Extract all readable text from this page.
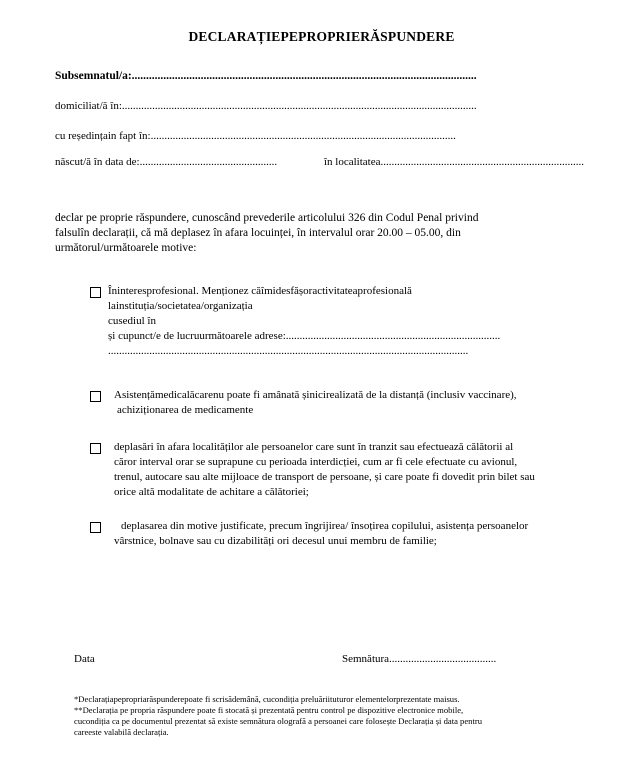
DECLARAȚIEPEPROPRIERĂSPUNDERE
Subsemnatul/a:........................................................................................................................
domiciliat/ă în:.................................................................................................................................
cu reședințain fapt în:...............................................................................................................
născut/ă în data de:..................................................	în localitatea..........................................................................
declar pe proprie răspundere, cunoscând prevederile articolului 326 din Codul Penal privind
falsulîn declarații, că mă deplasez în afara locuinței, în intervalul orar 20.00 – 05.00, din
următorul/următoarele motive:
Îninteresprofesional. Menționez căîmidesfășoractivitateaprofesională
lainstituția/societatea/organizația
cusediul în
și cupunct/e de lucruurmătoarele adrese:..............................................................................
...................................................................................................................................
Asistențămedicalăcarenu poate fi amânată șinicirealizată de la distanță (inclusiv vaccinare),
achiziționarea de medicamente
deplasări în afara localităților ale persoanelor care sunt în tranzit sau efectuează călătorii al
căror interval orar se suprapune cu perioada interdicției, cum ar fi cele efectuate cu avionul,
trenul, autocare sau alte mijloace de transport de persoane, și care poate fi dovedit prin bilet sau
orice altă modalitate de achitare a călătoriei;
deplasarea din motive justificate, precum îngrijirea/ însoțirea copilului, asistența persoanelor
vârstnice, bolnave sau cu dizabilități ori decesul unui membru de familie;
Data	Semnătura.......................................
*Declarațiapepropriarăspunderepoate fi scrisădemână, cucondiția preluăriituturor elementelorprezentate maisus.
**Declarația pe propria răspundere poate fi stocată și prezentată pentru control pe dispozitive electronice mobile,
cucondiția ca pe documentul prezentat să existe semnătura olografă a persoanei care folosește Declarația și data pentru
careeste valabilă declarația.
